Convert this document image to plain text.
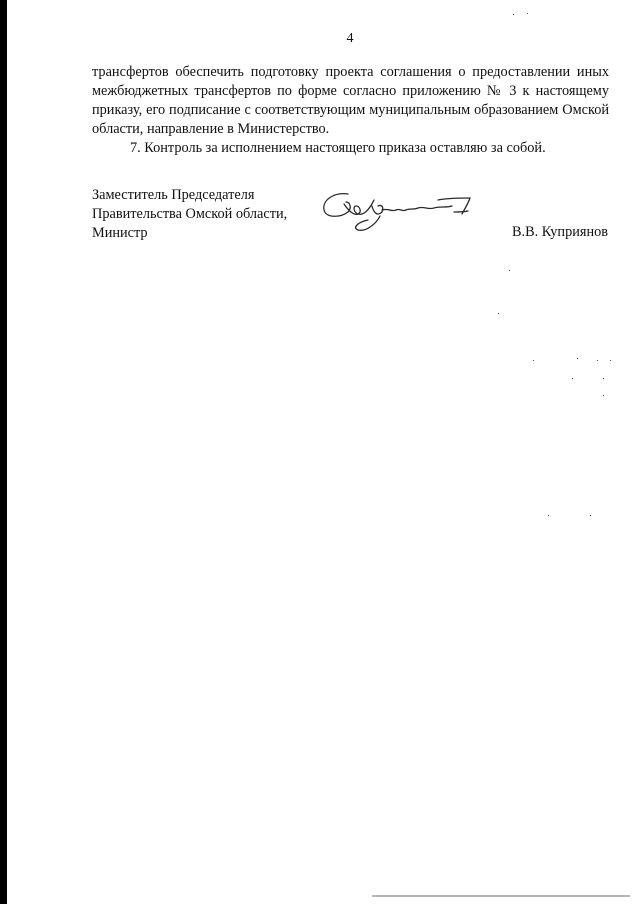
4

трансфертов обеспечить подготовку проекта соглашения о предоставлении иных межбюджетных трансфертов по форме согласно приложению № 3 к настоящему приказу, его подписание с соответствующим муниципальным образованием Омской области, направление в Министерство.

7. Контроль за исполнением настоящего приказа оставляю за собой.

Заместитель Председателя
Правительства Омской области,
Министр	В.В. Куприянов
